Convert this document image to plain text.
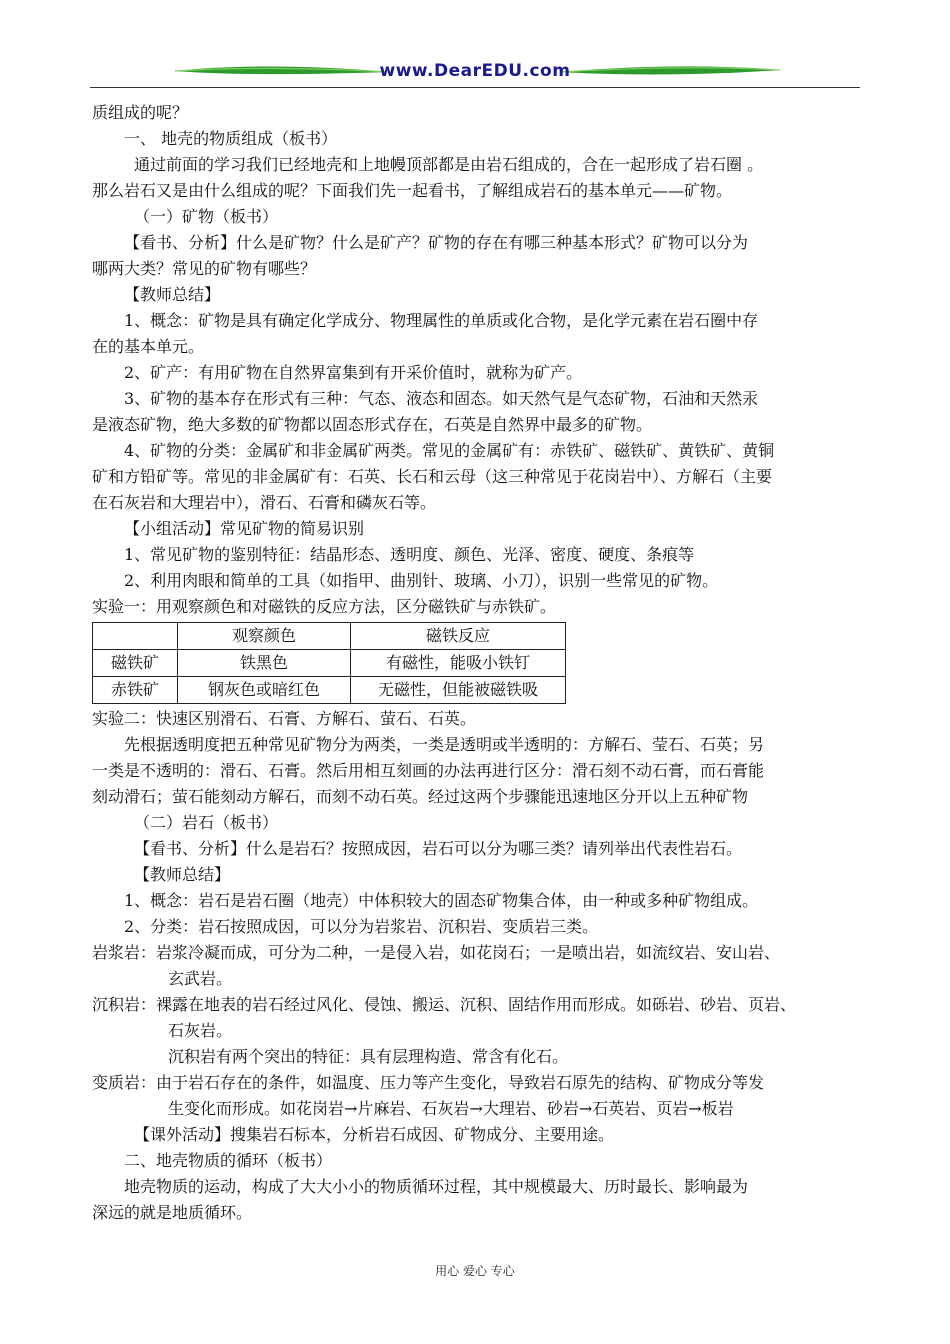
www.DearEDU.com

质组成的呢？

一、 地壳的物质组成（板书）

通过前面的学习我们已经地壳和上地幔顶部都是由岩石组成的，合在一起形成了岩石圈 。

那么岩石又是由什么组成的呢？下面我们先一起看书，了解组成岩石的基本单元——矿物。

（一）矿物（板书）

【看书、分析】什么是矿物？什么是矿产？矿物的存在有哪三种基本形式？矿物可以分为

哪两大类？常见的矿物有哪些？

【教师总结】

1、概念：矿物是具有确定化学成分、物理属性的单质或化合物，是化学元素在岩石圈中存

在的基本单元。

2、矿产：有用矿物在自然界富集到有开采价值时，就称为矿产。

3、矿物的基本存在形式有三种：气态、液态和固态。如天然气是气态矿物，石油和天然汞

是液态矿物，绝大多数的矿物都以固态形式存在，石英是自然界中最多的矿物。

4、矿物的分类：金属矿和非金属矿两类。常见的金属矿有：赤铁矿、磁铁矿、黄铁矿、黄铜

矿和方铅矿等。常见的非金属矿有：石英、长石和云母（这三种常见于花岗岩中）、方解石（主要

在石灰岩和大理岩中），滑石、石膏和磷灰石等。

【小组活动】常见矿物的简易识别

1、常见矿物的鉴别特征：结晶形态、透明度、颜色、光泽、密度、硬度、条痕等

2、利用肉眼和简单的工具（如指甲、曲别针、玻璃、小刀），识别一些常见的矿物。

实验一：用观察颜色和对磁铁的反应方法，区分磁铁矿与赤铁矿。

	观察颜色	磁铁反应
磁铁矿	铁黑色	有磁性，能吸小铁钉
赤铁矿	钢灰色或暗红色	无磁性，但能被磁铁吸

实验二：快速区别滑石、石膏、方解石、萤石、石英。

先根据透明度把五种常见矿物分为两类，一类是透明或半透明的：方解石、莹石、石英；另

一类是不透明的：滑石、石膏。然后用相互刻画的办法再进行区分：滑石刻不动石膏，而石膏能

刻动滑石；萤石能刻动方解石，而刻不动石英。经过这两个步骤能迅速地区分开以上五种矿物

（二）岩石（板书）

【看书、分析】什么是岩石？按照成因，岩石可以分为哪三类？请列举出代表性岩石。

【教师总结】

1、概念：岩石是岩石圈（地壳）中体积较大的固态矿物集合体，由一种或多种矿物组成。

2、分类：岩石按照成因，可以分为岩浆岩、沉积岩、变质岩三类。

岩浆岩：岩浆冷凝而成，可分为二种，一是侵入岩，如花岗石；一是喷出岩，如流纹岩、安山岩、

玄武岩。

沉积岩：裸露在地表的岩石经过风化、侵蚀、搬运、沉积、固结作用而形成。如砾岩、砂岩、页岩、

石灰岩。

沉积岩有两个突出的特征：具有层理构造、常含有化石。

变质岩：由于岩石存在的条件，如温度、压力等产生变化，导致岩石原先的结构、矿物成分等发

生变化而形成。如花岗岩→片麻岩、石灰岩→大理岩、砂岩→石英岩、页岩→板岩

【课外活动】搜集岩石标本，分析岩石成因、矿物成分、主要用途。

二、地壳物质的循环（板书）

地壳物质的运动，构成了大大小小的物质循环过程，其中规模最大、历时最长、影响最为

深远的就是地质循环。

用心 爱心 专心
